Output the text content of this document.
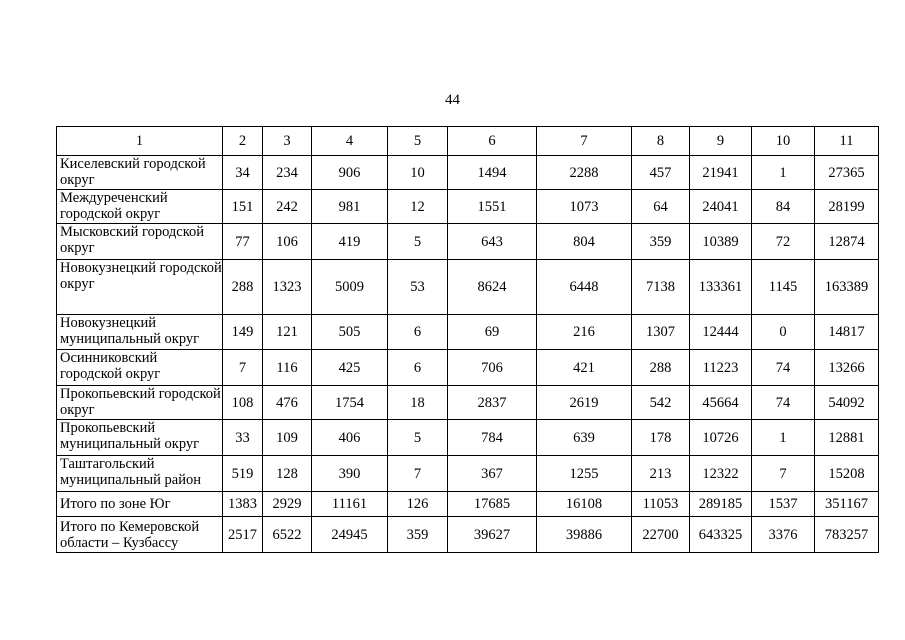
44
1	2	3	4	5	6	7	8	9	10	11
Киселевский городской округ	34	234	906	10	1494	2288	457	21941	1	27365
Междуреченский городской округ	151	242	981	12	1551	1073	64	24041	84	28199
Мысковский городской округ	77	106	419	5	643	804	359	10389	72	12874
Новокузнецкий городской округ	288	1323	5009	53	8624	6448	7138	133361	1145	163389
Новокузнецкий муниципальный округ	149	121	505	6	69	216	1307	12444	0	14817
Осинниковский городской округ	7	116	425	6	706	421	288	11223	74	13266
Прокопьевский городской округ	108	476	1754	18	2837	2619	542	45664	74	54092
Прокопьевский муниципальный округ	33	109	406	5	784	639	178	10726	1	12881
Таштагольский муниципальный район	519	128	390	7	367	1255	213	12322	7	15208
Итого по зоне Юг	1383	2929	11161	126	17685	16108	11053	289185	1537	351167
Итого по Кемеровской области – Кузбассу	2517	6522	24945	359	39627	39886	22700	643325	3376	783257
